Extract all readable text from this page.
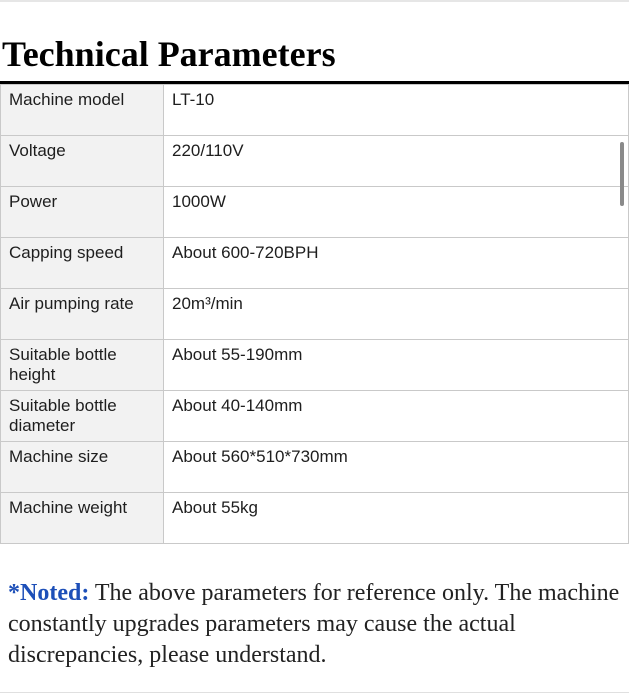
Technical Parameters
Machine model	LT-10
Voltage	220/110V
Power	1000W
Capping speed	About 600-720BPH
Air pumping rate	20m³/min
Suitable bottle height	About 55-190mm
Suitable bottle diameter	About 40-140mm
Machine size	About 560*510*730mm
Machine weight	About 55kg

*Noted: The above parameters for reference only. The machine constantly upgrades parameters may cause the actual discrepancies, please understand.
